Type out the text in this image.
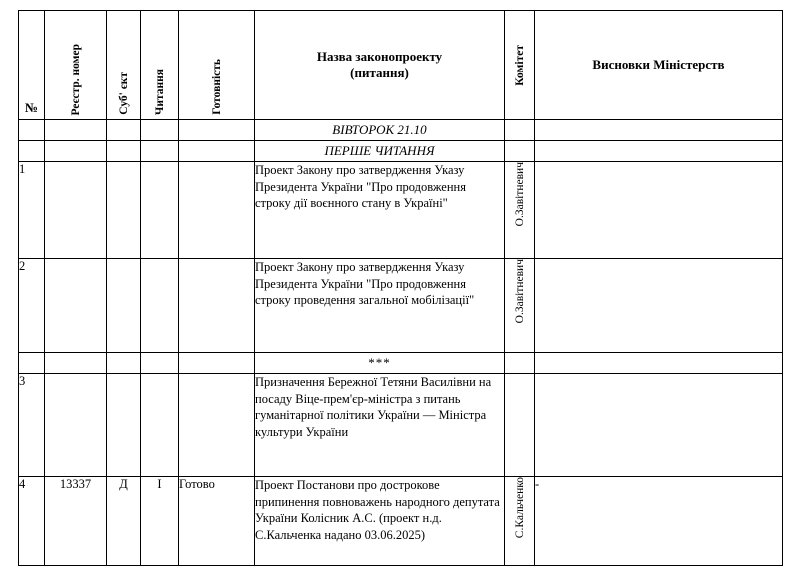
№	Реєстр. номер	Суб' єкт	Читання	Готовність	Назва законопроекту
(питання)	Комітет	Висновки Міністерств

					ВІВТОРОК 21.10		
					ПЕРШЕ ЧИТАННЯ		
1					Проект Закону про затвердження Указу Президента України "Про продовження строку дії воєнного стану в Україні"	О.Завітневич	

2					Проект Закону про затвердження Указу Президента України "Про продовження строку проведення загальної мобілізації"	О.Завітневич	

					***		
3					Призначення Бережної Тетяни Василівни на посаду Віце-прем'єр-міністра з питань гуманітарної політики України — Міністра культури України	

4	13337	Д	І	Готово	Проект Постанови про дострокове припинення повноважень народного депутата України Колісник А.С. (проект н.д. С.Кальченка надано 03.06.2025)	С.Кальченко	-
